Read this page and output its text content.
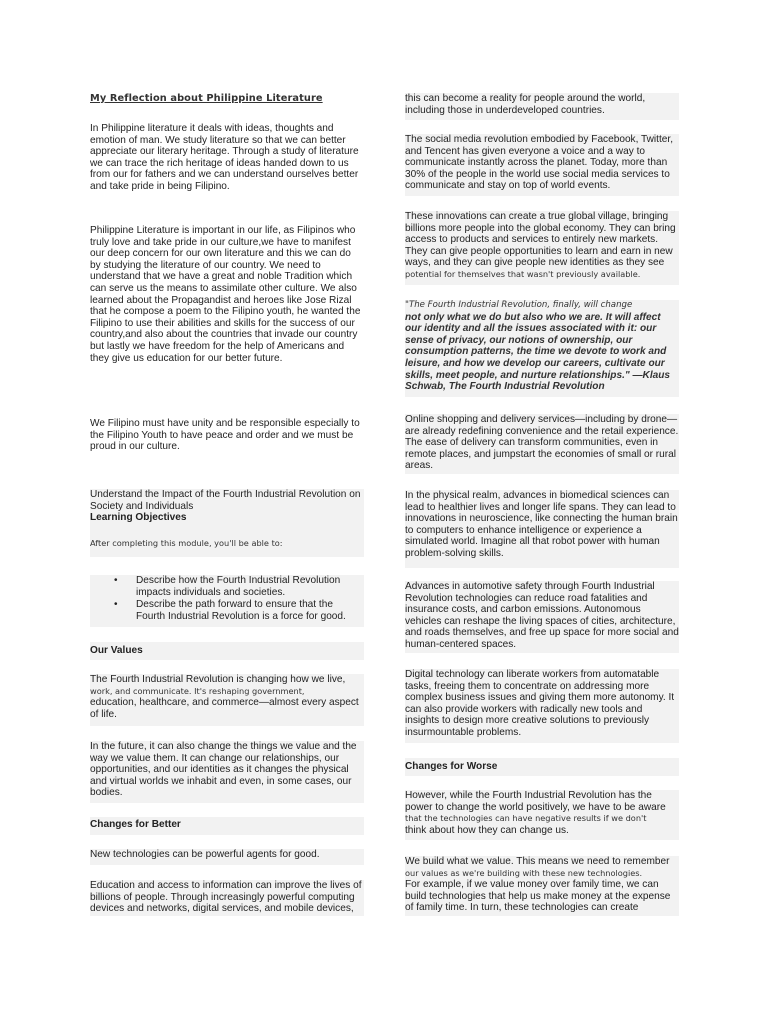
My Reflection about Philippine Literature

In Philippine literature it deals with ideas, thoughts and emotion of man. We study literature so that we can better appreciate our literary heritage. Through a study of literature we can trace the rich heritage of ideas handed down to us from our for fathers and we can understand ourselves better and take pride in being Filipino.

Philippine Literature is important in our life, as Filipinos who truly love and take pride in our culture,we have to manifest our deep concern for our own literature and this we can do by studying the literature of our country. We need to understand that we have a great and noble Tradition which can serve us the means to assimilate other culture. We also learned about the Propagandist and heroes like Jose Rizal that he compose a poem to the Filipino youth, he wanted the Filipino to use their abilities and skills for the success of our country,and also about the countries that invade our country but lastly we have freedom for the help of Americans and they give us education for our better future.

We Filipino must have unity and be responsible especially to the Filipino Youth to have peace and order and we must be proud in our culture.

Understand the Impact of the Fourth Industrial Revolution on Society and Individuals

Learning Objectives

After completing this module, you'll be able to:

• Describe how the Fourth Industrial Revolution impacts individuals and societies.
• Describe the path forward to ensure that the Fourth Industrial Revolution is a force for good.

Our Values

The Fourth Industrial Revolution is changing how we live,

work, and communicate. It's reshaping government,

education, healthcare, and commerce—almost every aspect of life.

In the future, it can also change the things we value and the way we value them. It can change our relationships, our opportunities, and our identities as it changes the physical and virtual worlds we inhabit and even, in some cases, our bodies.

Changes for Better

New technologies can be powerful agents for good.

Education and access to information can improve the lives of billions of people. Through increasingly powerful computing devices and networks, digital services, and mobile devices,

this can become a reality for people around the world, including those in underdeveloped countries.

The social media revolution embodied by Facebook, Twitter, and Tencent has given everyone a voice and a way to communicate instantly across the planet. Today, more than 30% of the people in the world use social media services to communicate and stay on top of world events.

These innovations can create a true global village, bringing billions more people into the global economy. They can bring access to products and services to entirely new markets. They can give people opportunities to learn and earn in new ways, and they can give people new identities as they see

potential for themselves that wasn't previously available.

"The Fourth Industrial Revolution, finally, will change

not only what we do but also who we are. It will affect our identity and all the issues associated with it: our sense of privacy, our notions of ownership, our consumption patterns, the time we devote to work and leisure, and how we develop our careers, cultivate our skills, meet people, and nurture relationships." —Klaus Schwab, The Fourth Industrial Revolution

Online shopping and delivery services—including by drone—are already redefining convenience and the retail experience. The ease of delivery can transform communities, even in remote places, and jumpstart the economies of small or rural areas.

In the physical realm, advances in biomedical sciences can lead to healthier lives and longer life spans. They can lead to innovations in neuroscience, like connecting the human brain to computers to enhance intelligence or experience a simulated world. Imagine all that robot power with human problem-solving skills.

Advances in automotive safety through Fourth Industrial Revolution technologies can reduce road fatalities and insurance costs, and carbon emissions. Autonomous vehicles can reshape the living spaces of cities, architecture, and roads themselves, and free up space for more social and human-centered spaces.

Digital technology can liberate workers from automatable tasks, freeing them to concentrate on addressing more complex business issues and giving them more autonomy. It can also provide workers with radically new tools and insights to design more creative solutions to previously insurmountable problems.

Changes for Worse

However, while the Fourth Industrial Revolution has the power to change the world positively, we have to be aware

that the technologies can have negative results if we don't

think about how they can change us.

We build what we value. This means we need to remember

our values as we're building with these new technologies.

For example, if we value money over family time, we can build technologies that help us make money at the expense of family time. In turn, these technologies can create
